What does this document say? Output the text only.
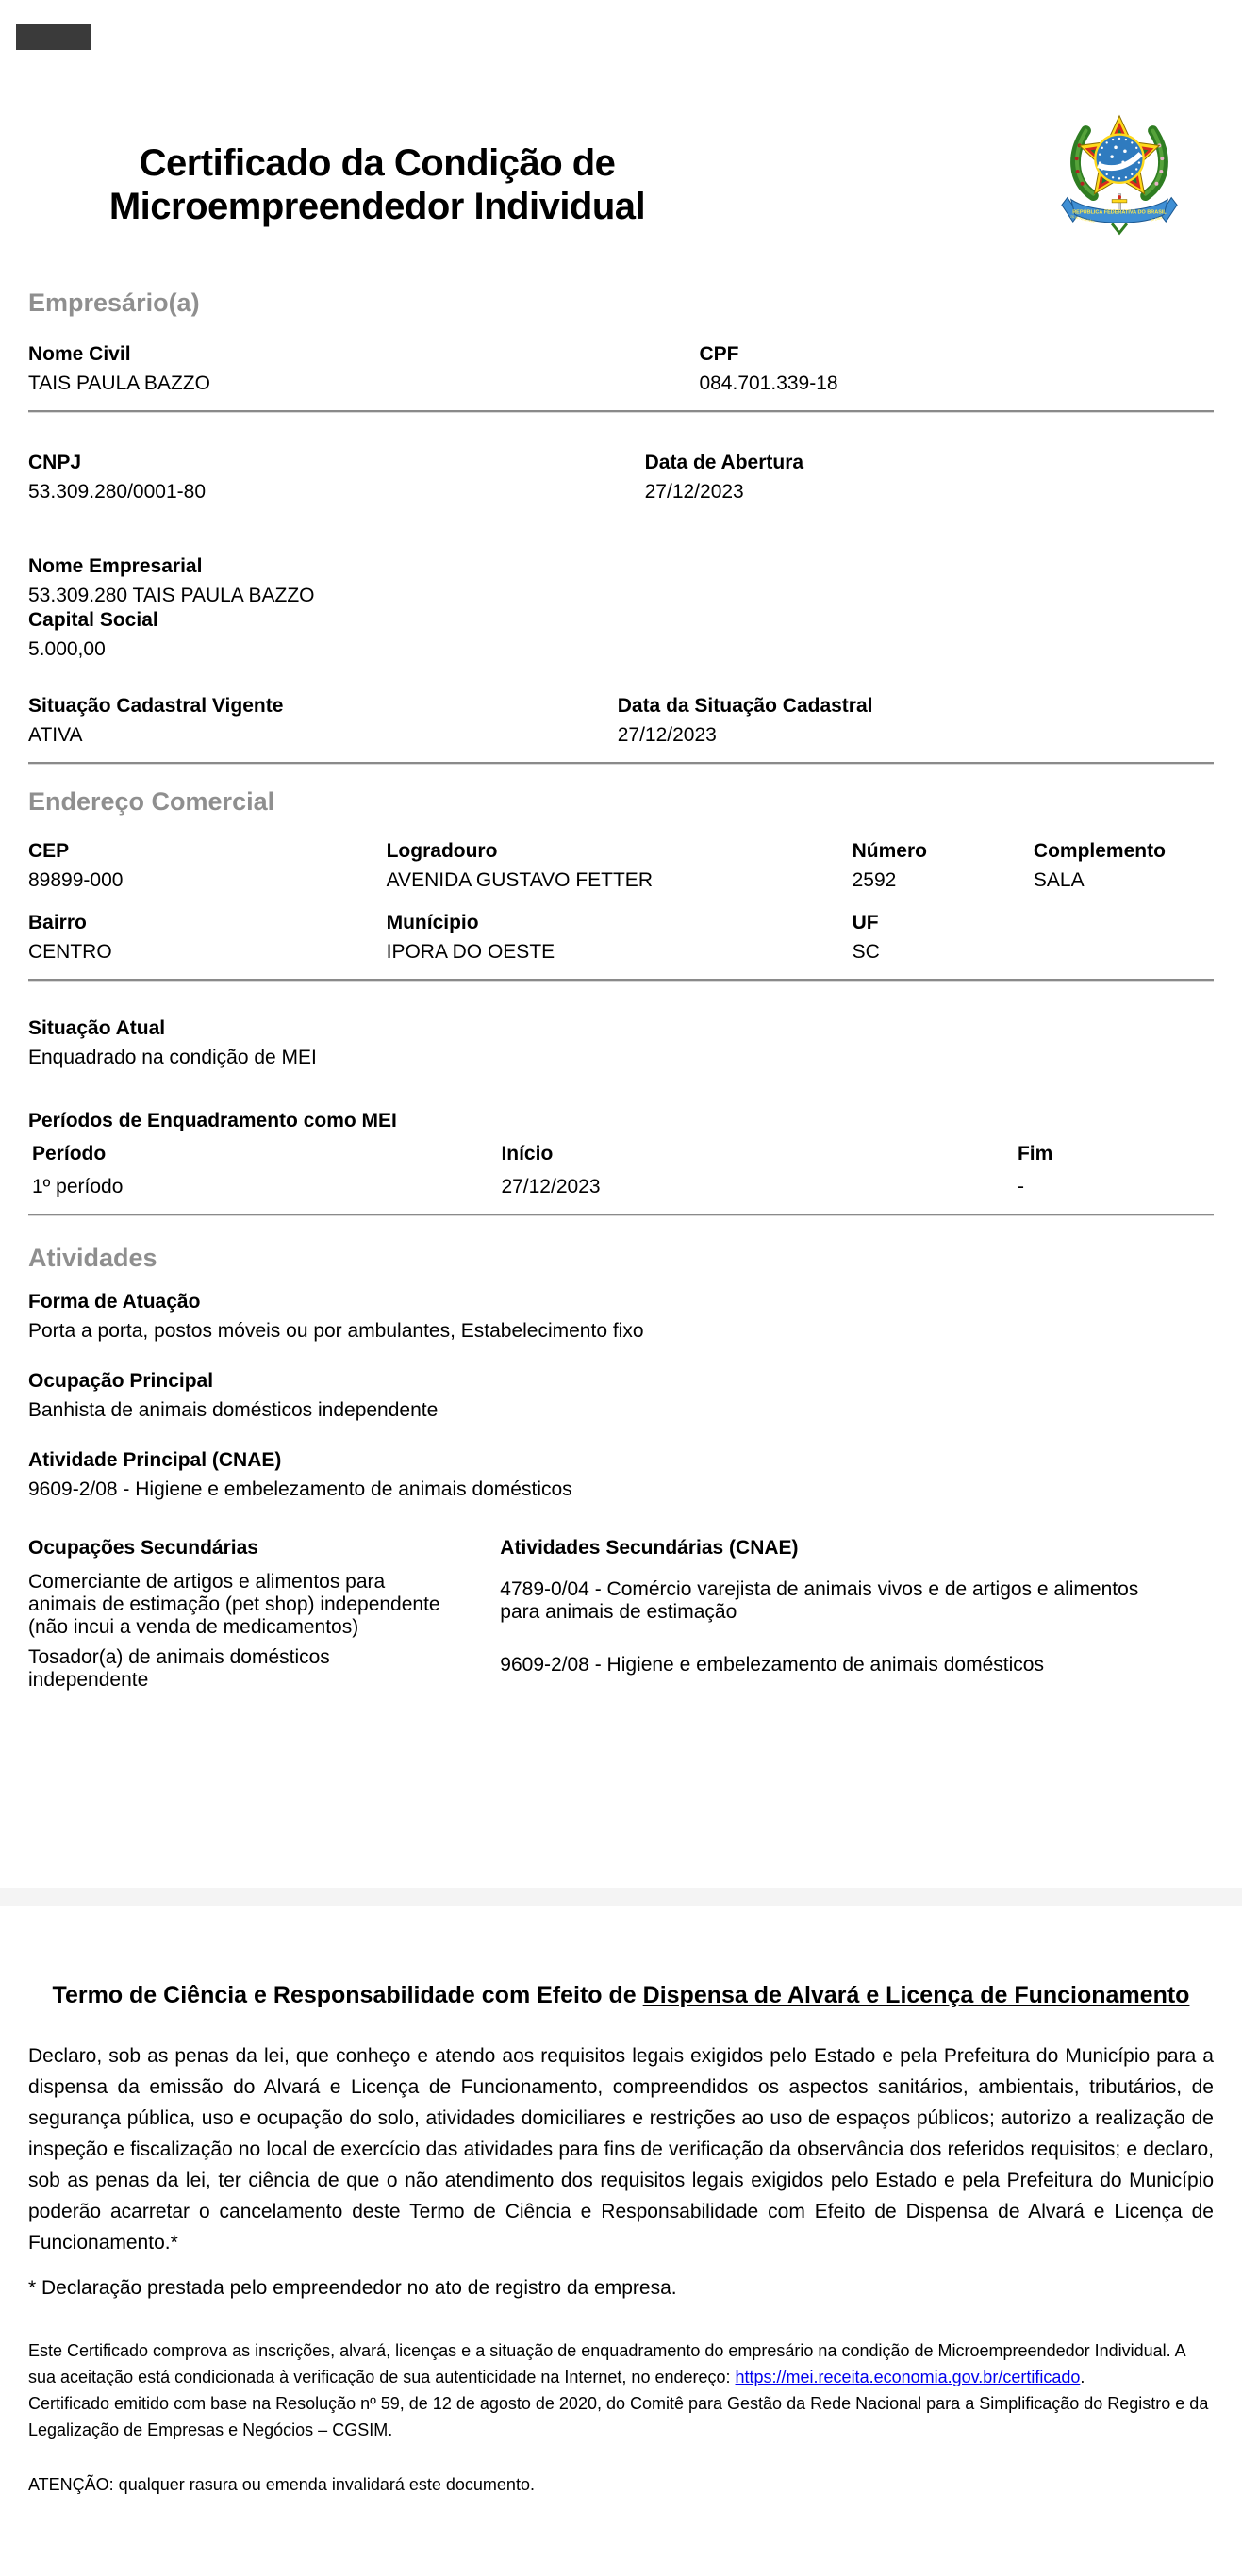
Certificado da Condição de
Microempreendedor Individual	REPÚBLICA FEDERATIVA DO BRASIL
15 de Novembro	de 1889
Empresário(a)
Nome Civil
TAIS PAULA BAZZO
CPF
084.701.339-18
CNPJ
53.309.280/0001-80
Data de Abertura
27/12/2023
Nome Empresarial
53.309.280 TAIS PAULA BAZZO
Capital Social
5.000,00
Situação Cadastral Vigente
ATIVA
Data da Situação Cadastral
27/12/2023
Endereço Comercial
CEP
89899-000
Logradouro
AVENIDA GUSTAVO FETTER
Número
2592
Complemento
SALA
Bairro
CENTRO
Munícipio
IPORA DO OESTE
UF
SC
Situação Atual
Enquadrado na condição de MEI
Períodos de Enquadramento como MEI
Período	Início	Fim
1º período	27/12/2023	-
Atividades
Forma de Atuação
Porta a porta, postos móveis ou por ambulantes, Estabelecimento fixo
Ocupação Principal
Banhista de animais domésticos independente
Atividade Principal (CNAE)
9609-2/08 - Higiene e embelezamento de animais domésticos
Ocupações Secundárias	Atividades Secundárias (CNAE)
Comerciante de artigos e alimentos para animais de estimação (pet shop) independente (não incui a venda de medicamentos)
4789-0/04 - Comércio varejista de animais vivos e de artigos e alimentos para animais de estimação
Tosador(a) de animais domésticos independente
9609-2/08 - Higiene e embelezamento de animais domésticos
Termo de Ciência e Responsabilidade com Efeito de Dispensa de Alvará e Licença de Funcionamento

Declaro, sob as penas da lei, que conheço e atendo aos requisitos legais exigidos pelo Estado e pela Prefeitura do Município para a dispensa da emissão do Alvará e Licença de Funcionamento, compreendidos os aspectos sanitários, ambientais, tributários, de segurança pública, uso e ocupação do solo, atividades domiciliares e restrições ao uso de espaços públicos; autorizo a realização de inspeção e fiscalização no local de exercício das atividades para fins de verificação da observância dos referidos requisitos; e declaro, sob as penas da lei, ter ciência de que o não atendimento dos requisitos legais exigidos pelo Estado e pela Prefeitura do Município poderão acarretar o cancelamento deste Termo de Ciência e Responsabilidade com Efeito de Dispensa de Alvará e Licença de Funcionamento.*

* Declaração prestada pelo empreendedor no ato de registro da empresa.

Este Certificado comprova as inscrições, alvará, licenças e a situação de enquadramento do empresário na condição de Microempreendedor Individual. A sua aceitação está condicionada à verificação de sua autenticidade na Internet, no endereço: https://mei.receita.economia.gov.br/certificado.

Certificado emitido com base na Resolução nº 59, de 12 de agosto de 2020, do Comitê para Gestão da Rede Nacional para a Simplificação do Registro e da Legalização de Empresas e Negócios – CGSIM.

ATENÇÃO: qualquer rasura ou emenda invalidará este documento.
